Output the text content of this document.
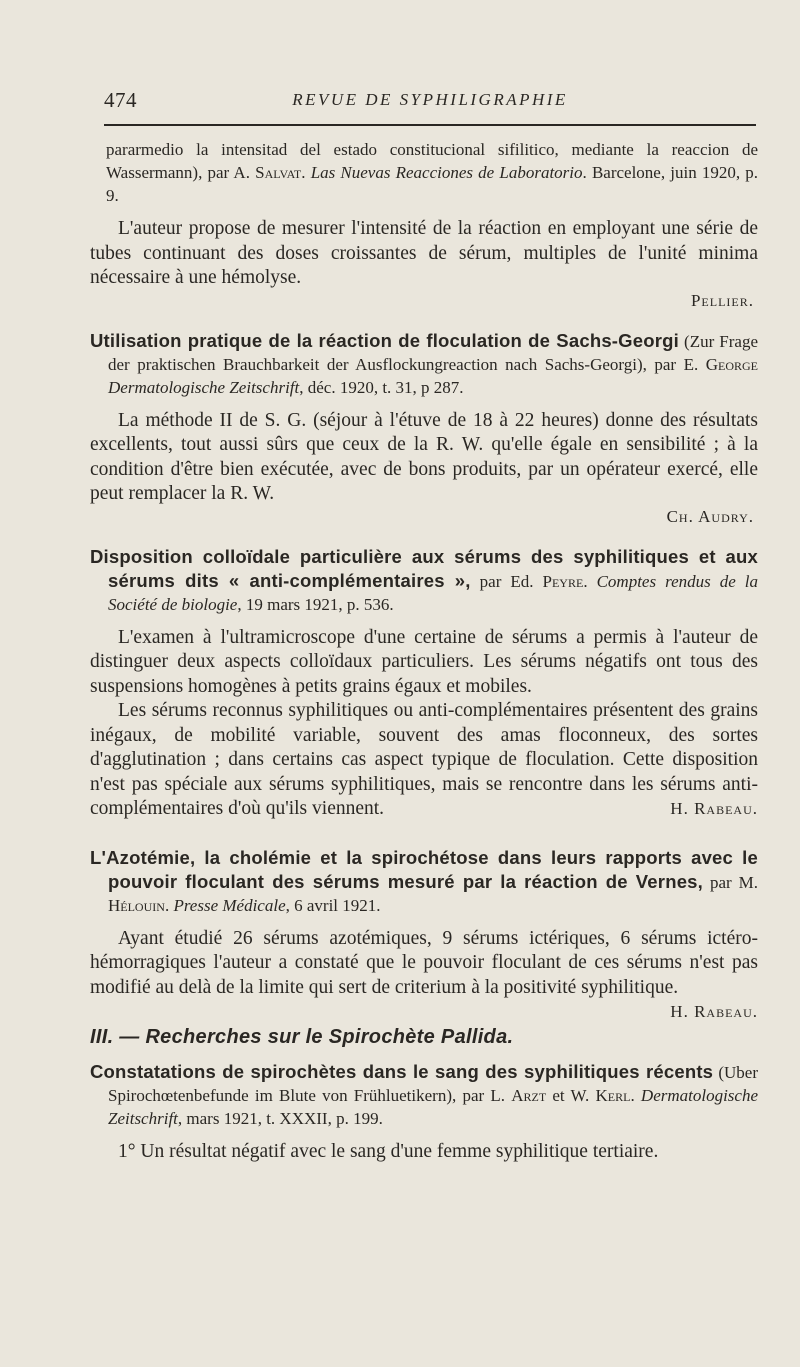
474	REVUE DE SYPHILIGRAPHIE

pararmedio la intensitad del estado constitucional sifilitico, mediante la reaccion de Wassermann), par A. Salvat. Las Nuevas Reacciones de Laboratorio. Barcelone, juin 1920, p. 9.

L'auteur propose de mesurer l'intensité de la réaction en employant une série de tubes continuant des doses croissantes de sérum, multiples de l'unité minima nécessaire à une hémolyse.

Pellier.

Utilisation pratique de la réaction de floculation de Sachs-Georgi (Zur Frage der praktischen Brauchbarkeit der Ausflockungreaction nach Sachs-Georgi), par E. George Dermatologische Zeitschrift, déc. 1920, t. 31, p 287.

La méthode II de S. G. (séjour à l'étuve de 18 à 22 heures) donne des résultats excellents, tout aussi sûrs que ceux de la R. W. qu'elle égale en sensibilité ; à la condition d'être bien exécutée, avec de bons produits, par un opérateur exercé, elle peut remplacer la R. W.

Ch. Audry.

Disposition colloïdale particulière aux sérums des syphilitiques et aux sérums dits « anti-complémentaires », par Ed. Peyre. Comptes rendus de la Société de biologie, 19 mars 1921, p. 536.

L'examen à l'ultramicroscope d'une certaine de sérums a permis à l'auteur de distinguer deux aspects colloïdaux particuliers. Les sérums négatifs ont tous des suspensions homogènes à petits grains égaux et mobiles.

Les sérums reconnus syphilitiques ou anti-complémentaires présentent des grains inégaux, de mobilité variable, souvent des amas floconneux, des sortes d'agglutination ; dans certains cas aspect typique de floculation. Cette disposition n'est pas spéciale aux sérums syphilitiques, mais se rencontre dans les sérums anti-complémentaires d'où qu'ils viennent.	H. Rabeau.

L'Azotémie, la cholémie et la spirochétose dans leurs rapports avec le pouvoir floculant des sérums mesuré par la réaction de Vernes, par M. Hélouin. Presse Médicale, 6 avril 1921.

Ayant étudié 26 sérums azotémiques, 9 sérums ictériques, 6 sérums ictéro-hémorragiques l'auteur a constaté que le pouvoir floculant de ces sérums n'est pas modifié au delà de la limite qui sert de criterium à la positivité syphilitique.
H. Rabeau.

III. — Recherches sur le Spirochète Pallida.

Constatations de spirochètes dans le sang des syphilitiques récents (Uber Spirochœtenbefunde im Blute von Frühluetikern), par L. Arzt et W. Kerl. Dermatologische Zeitschrift, mars 1921, t. XXXII, p. 199.

1° Un résultat négatif avec le sang d'une femme syphilitique tertiaire.
